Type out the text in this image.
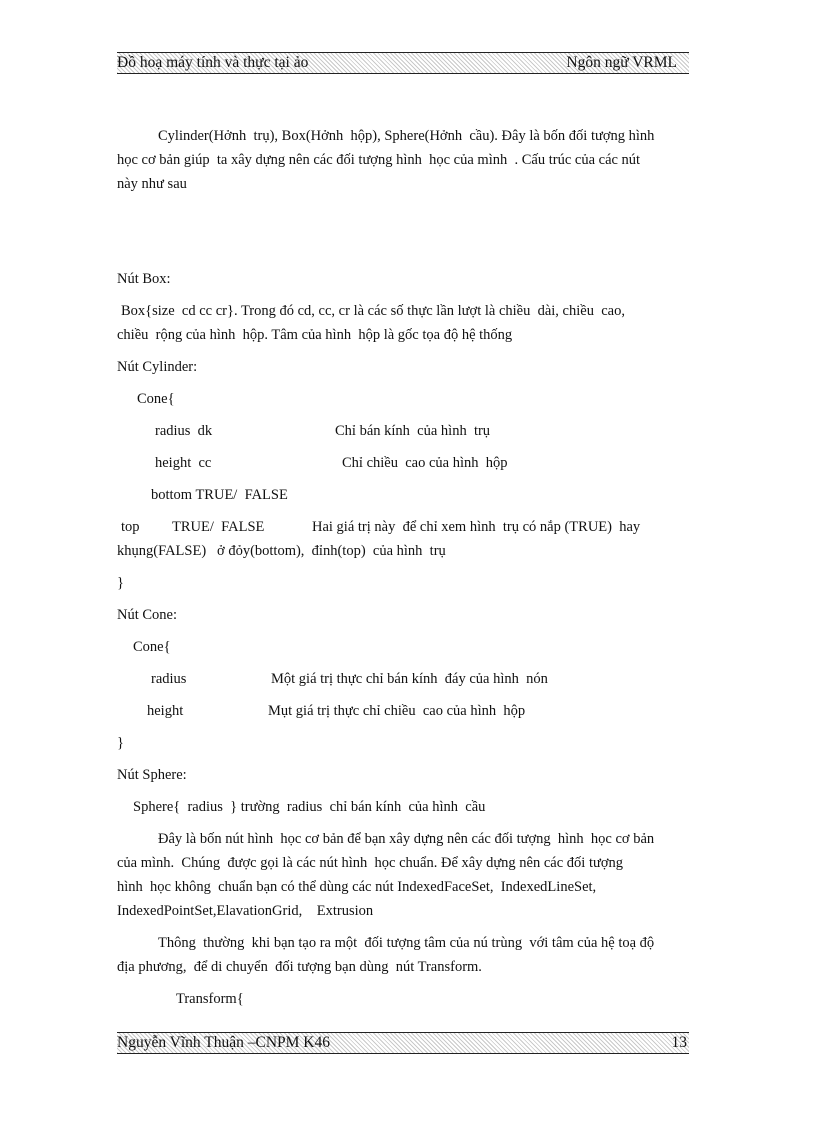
Đồ hoạ máy tính và thực tại ảo	Ngôn ngữ VRML
Cylinder(Hởnh  trụ), Box(Hởnh  hộp), Sphere(Hởnh  cầu). Đây là bốn đối tượng hình
học cơ bản giúp  ta xây dựng nên các đối tượng hình  học của mình  . Cấu trúc của các nút
này như sau
Nút Box:
Box{size  cd cc cr}. Trong đó cd, cc, cr là các số thực lần lượt là chiều  dài, chiều  cao,
chiều  rộng của hình  hộp. Tâm của hình  hộp là gốc tọa độ hệ thống
Nút Cylinder:
Cone{
radius  dk	Chỉ bán kính  của hình  trụ
height  cc	Chỉ chiều  cao của hình  hộp
bottom TRUE/  FALSE
top TRUE/  FALSE	Hai giá trị này  để chỉ xem hình  trụ có nắp (TRUE)  hay
khụng(FALSE)   ở đỏy(bottom),  đỉnh(top)  của hình  trụ
}
Nút Cone:
Cone{
radius	Một giá trị thực chỉ bán kính  đáy của hình  nón
height	Mụt giá trị thực chỉ chiều  cao của hình  hộp
}
Nút Sphere:
Sphere{  radius  } trường  radius  chỉ bán kính  của hình  cầu
Đây là bốn nút hình  học cơ bản để bạn xây dựng nên các đối tượng  hình  học cơ bản
của mình.  Chúng  được gọi là các nút hình  học chuẩn. Để xây dựng nên các đối tượng
hình  học không  chuẩn bạn có thể dùng các nút IndexedFaceSet,  IndexedLineSet,
IndexedPointSet,ElavationGrid,    Extrusion
Thông  thường  khi bạn tạo ra một  đối tượng tâm của nú trùng  với tâm của hệ toạ độ
địa phương,  để di chuyển  đối tượng bạn dùng  nút Transform.
Transform{
Nguyễn Vĩnh Thuận –CNPM K46	13
